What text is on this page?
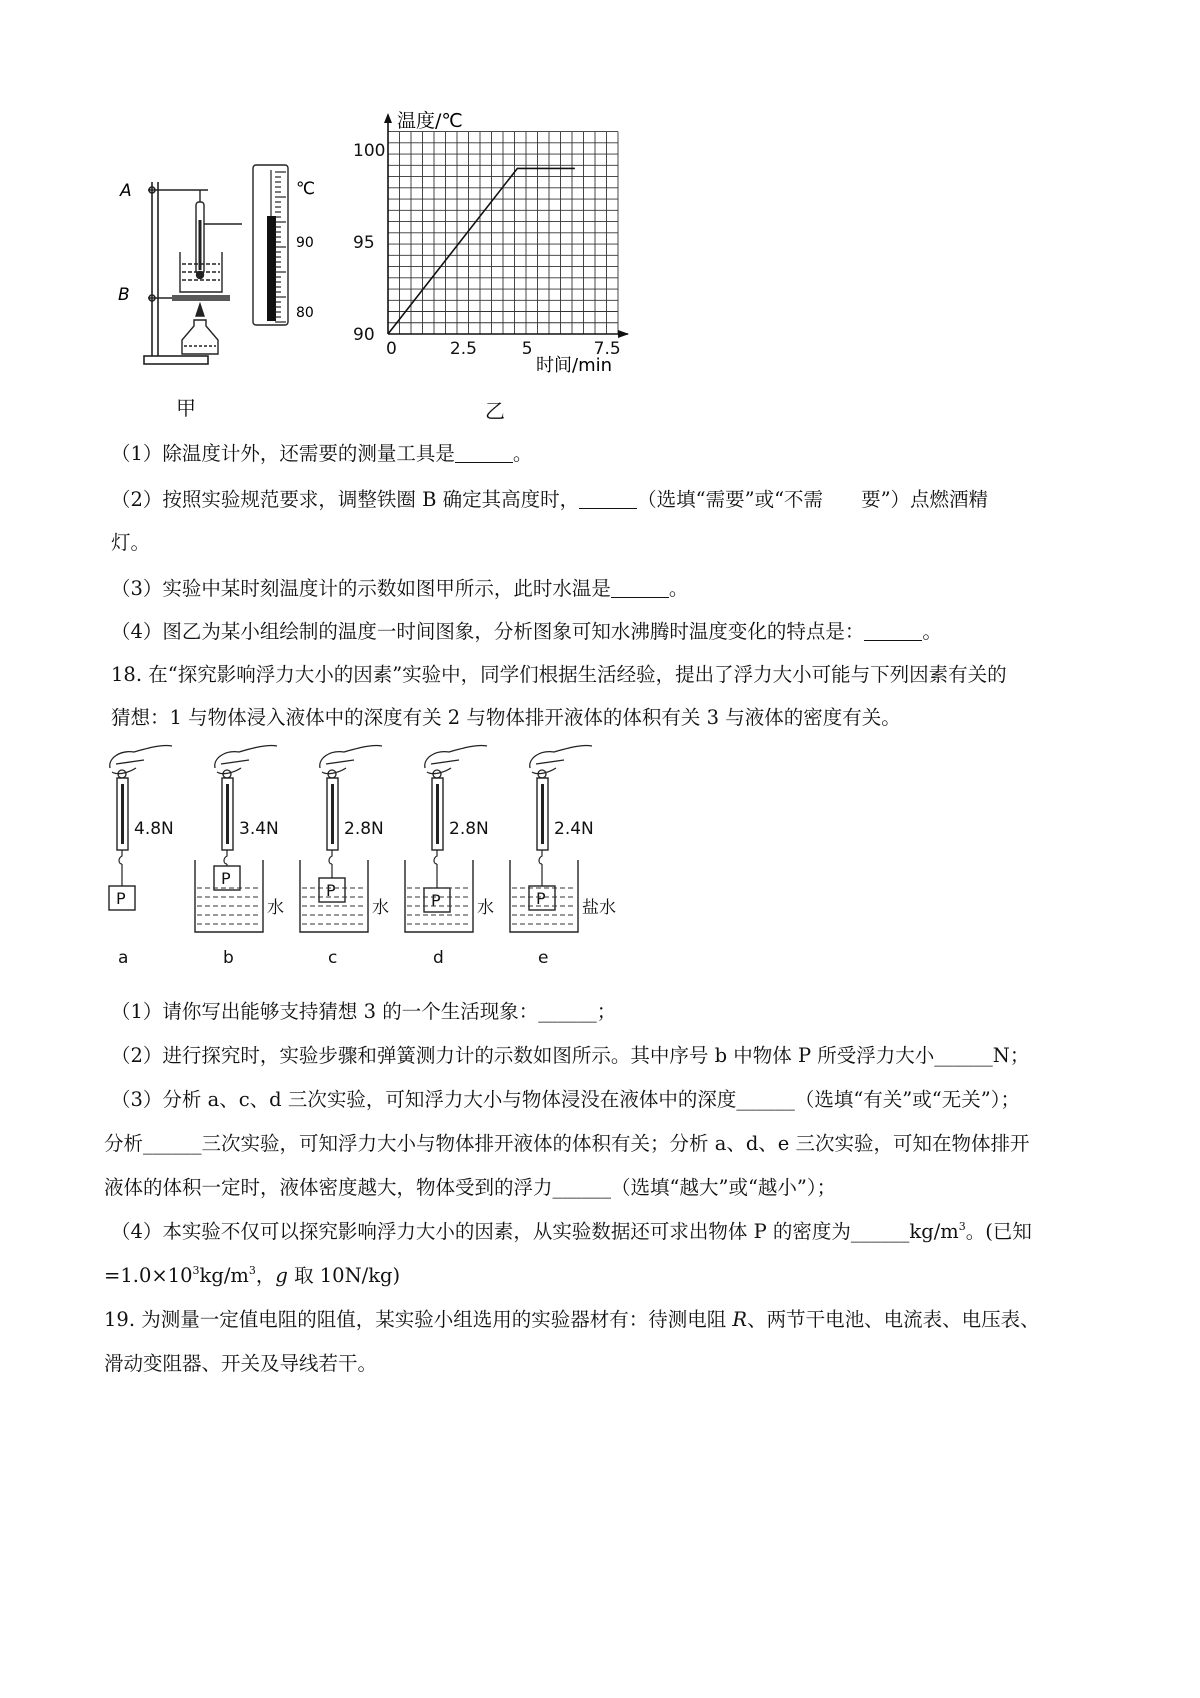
A
B
℃
90
80
0	2.5	5	7.5
90
95
100
温度/℃
时间/min
甲	乙
（1）除温度计外，还需要的测量工具是	。
（2）按照实验规范要求，调整铁圈 B 确定其高度时，	（选填“需要”或“不需 要”）点燃酒精
灯。
（3）实验中某时刻温度计的示数如图甲所示，此时水温是	。
（4）图乙为某小组绘制的温度一时间图象，分析图象可知水沸腾时温度变化的特点是：	。
18. 在“探究影响浮力大小的因素”实验中，同学们根据生活经验，提出了浮力大小可能与下列因素有关的
猜想：1 与物体浸入液体中的深度有关 2 与物体排开液体的体积有关 3 与液体的密度有关。
4.8N
P
a
3.4N
P
水
b
2.8N
P
水
c
2.8N
P 水
d
2.4N
P 盐水
e
（1）请你写出能够支持猜想 3 的一个生活现象：______；
（2）进行探究时，实验步骤和弹簧测力计的示数如图所示。其中序号 b 中物体 P 所受浮力大小______N；
（3）分析 a、c、d 三次实验，可知浮力大小与物体浸没在液体中的深度______（选填“有关”或“无关”）；
分析______三次实验，可知浮力大小与物体排开液体的体积有关；分析 a、d、e 三次实验，可知在物体排开
液体的体积一定时，液体密度越大，物体受到的浮力______（选填“越大”或“越小”）；
（4）本实验不仅可以探究影响浮力大小的因素，从实验数据还可求出物体 P 的密度为$\_\_\_\_\_\_kg/m^3$。(已知
$=1.0\times 10^3kg/m^3$，g 取 10N/kg)
19. 为测量一定值电阻的阻值，某实验小组选用的实验器材有：待测电阻 R、两节干电池、电流表、电压表、
滑动变阻器、开关及导线若干。
